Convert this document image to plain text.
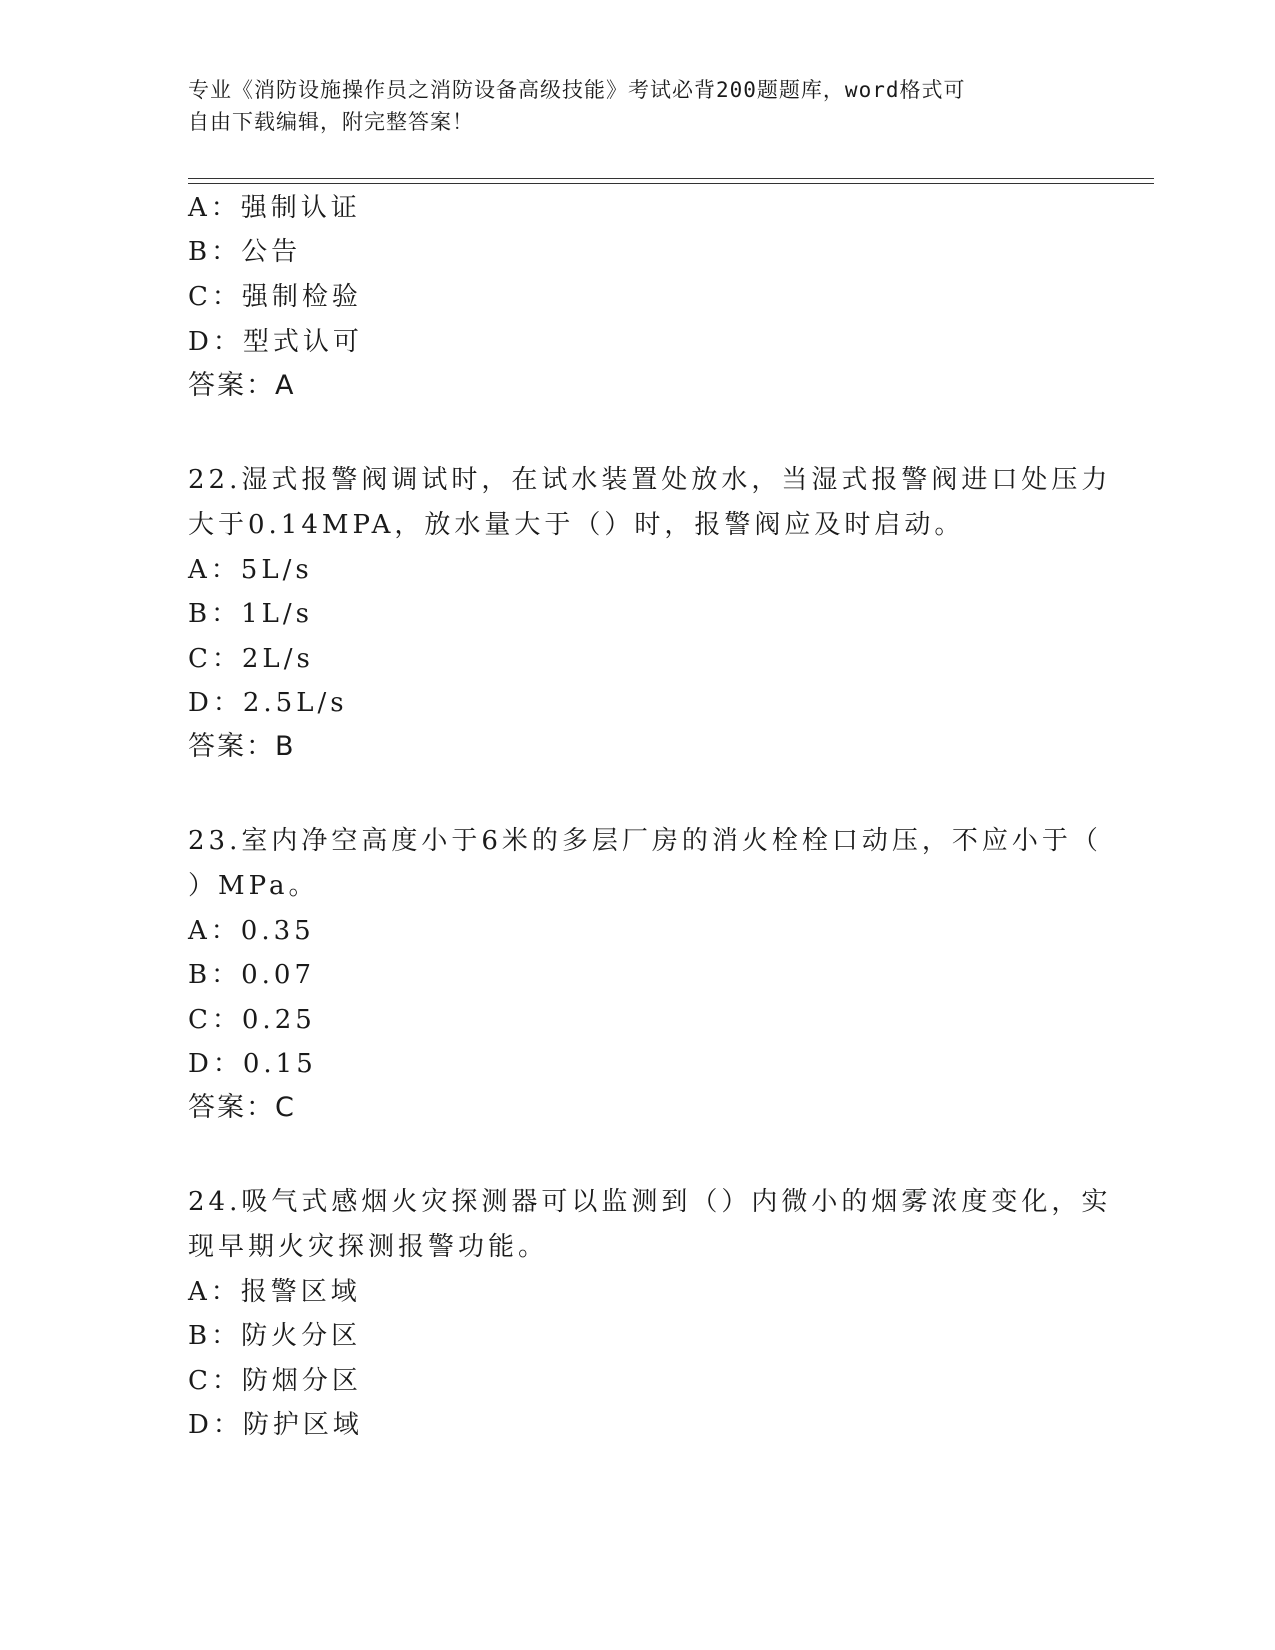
专业《消防设施操作员之消防设备高级技能》考试必背200题题库，word格式可
自由下载编辑，附完整答案！
A：强制认证
B：公告
C：强制检验
D：型式认可
答案：A
22.湿式报警阀调试时，在试水装置处放水，当湿式报警阀进口处压力
大于0.14MPA，放水量大于（）时，报警阀应及时启动。
A：5L/s
B：1L/s
C：2L/s
D：2.5L/s
答案：B
23.室内净空高度小于6米的多层厂房的消火栓栓口动压，不应小于（
）MPa。
A：0.35
B：0.07
C：0.25
D：0.15
答案：C
24.吸气式感烟火灾探测器可以监测到（）内微小的烟雾浓度变化，实
现早期火灾探测报警功能。
A：报警区域
B：防火分区
C：防烟分区
D：防护区域
